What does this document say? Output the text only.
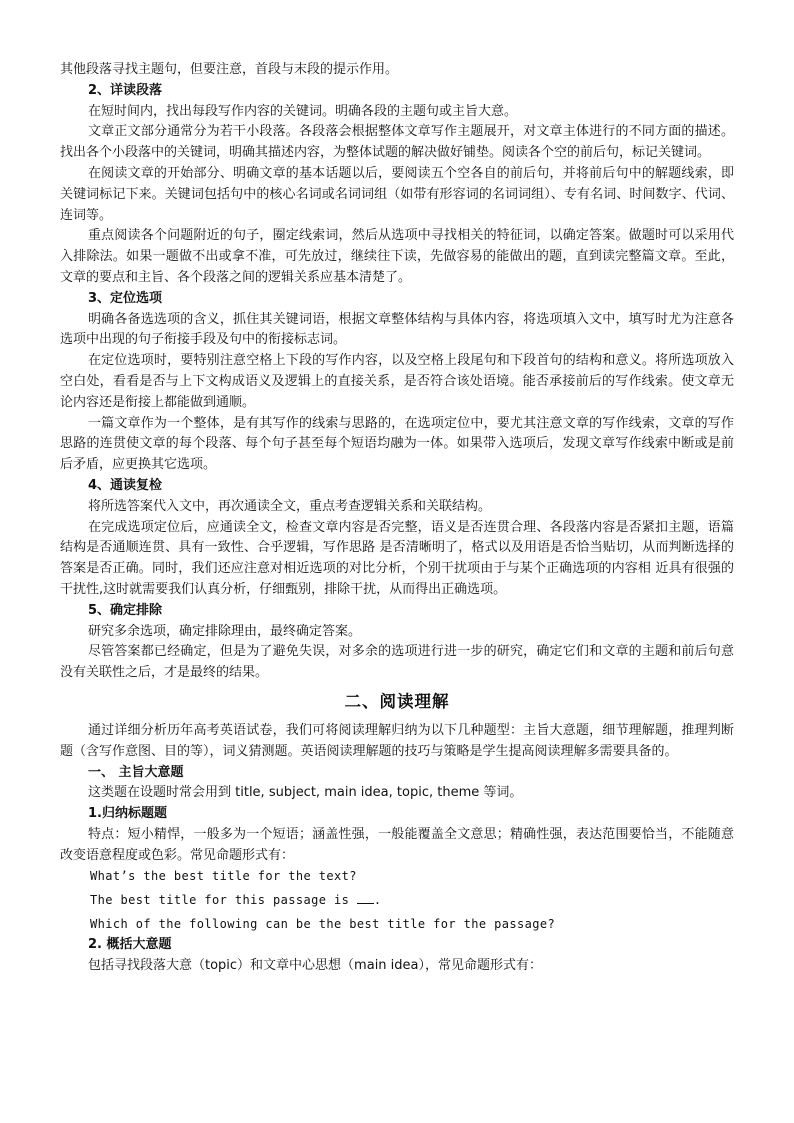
其他段落寻找主题句，但要注意，首段与末段的提示作用。

2、详读段落

在短时间内，找出每段写作内容的关键词。明确各段的主题句或主旨大意。

文章正文部分通常分为若干小段落。各段落会根据整体文章写作主题展开，对文章主体进行的不同方面的描述。找出各个小段落中的关键词，明确其描述内容，为整体试题的解决做好铺垫。阅读各个空的前后句，标记关键词。

在阅读文章的开始部分、明确文章的基本话题以后，要阅读五个空各自的前后句，并将前后句中的解题线索，即关键词标记下来。关键词包括句中的核心名词或名词词组（如带有形容词的名词词组）、专有名词、时间数字、代词、连词等。

重点阅读各个问题附近的句子，圈定线索词，然后从选项中寻找相关的特征词，以确定答案。做题时可以采用代入排除法。如果一题做不出或拿不准，可先放过，继续往下读，先做容易的能做出的题，直到读完整篇文章。至此，文章的要点和主旨、各个段落之间的逻辑关系应基本清楚了。

3、定位选项

明确各备选选项的含义，抓住其关键词语，根据文章整体结构与具体内容，将选项填入文中，填写时尤为注意各选项中出现的句子衔接手段及句中的衔接标志词。

在定位选项时，要特别注意空格上下段的写作内容，以及空格上段尾句和下段首句的结构和意义。将所选项放入空白处，看看是否与上下文构成语义及逻辑上的直接关系，是否符合该处语境。能否承接前后的写作线索。使文章无论内容还是衔接上都能做到通顺。

一篇文章作为一个整体，是有其写作的线索与思路的，在选项定位中，要尤其注意文章的写作线索，文章的写作思路的连贯使文章的每个段落、每个句子甚至每个短语均融为一体。如果带入选项后，发现文章写作线索中断或是前后矛盾，应更换其它选项。

4、通读复检

将所选答案代入文中，再次通读全文，重点考查逻辑关系和关联结构。

在完成选项定位后，应通读全文，检查文章内容是否完整，语义是否连贯合理、各段落内容是否紧扣主题，语篇结构是否通顺连贯、具有一致性、合乎逻辑，写作思路 是否清晰明了，格式以及用语是否恰当贴切，从而判断选择的答案是否正确。同时，我们还应注意对相近选项的对比分析，个别干扰项由于与某个正确选项的内容相 近具有很强的干扰性,这时就需要我们认真分析，仔细甄别，排除干扰，从而得出正确选项。

5、确定排除

研究多余选项，确定排除理由，最终确定答案。

尽管答案都已经确定，但是为了避免失误，对多余的选项进行进一步的研究，确定它们和文章的主题和前后句意没有关联性之后，才是最终的结果。

二、阅读理解

通过详细分析历年高考英语试卷，我们可将阅读理解归纳为以下几种题型：主旨大意题，细节理解题，推理判断题（含写作意图、目的等），词义猜测题。英语阅读理解题的技巧与策略是学生提高阅读理解多需要具备的。

一、 主旨大意题

这类题在设题时常会用到 title, subject, main idea, topic, theme 等词。

1.归纳标题题

特点：短小精悍，一般多为一个短语；涵盖性强，一般能覆盖全文意思；精确性强，表达范围要恰当，不能随意改变语意程度或色彩。常见命题形式有：

What’s the best title for the text?

The best title for this passage is .

Which of the following can be the best title for the passage?

2. 概括大意题

包括寻找段落大意（topic）和文章中心思想（main idea），常见命题形式有：
